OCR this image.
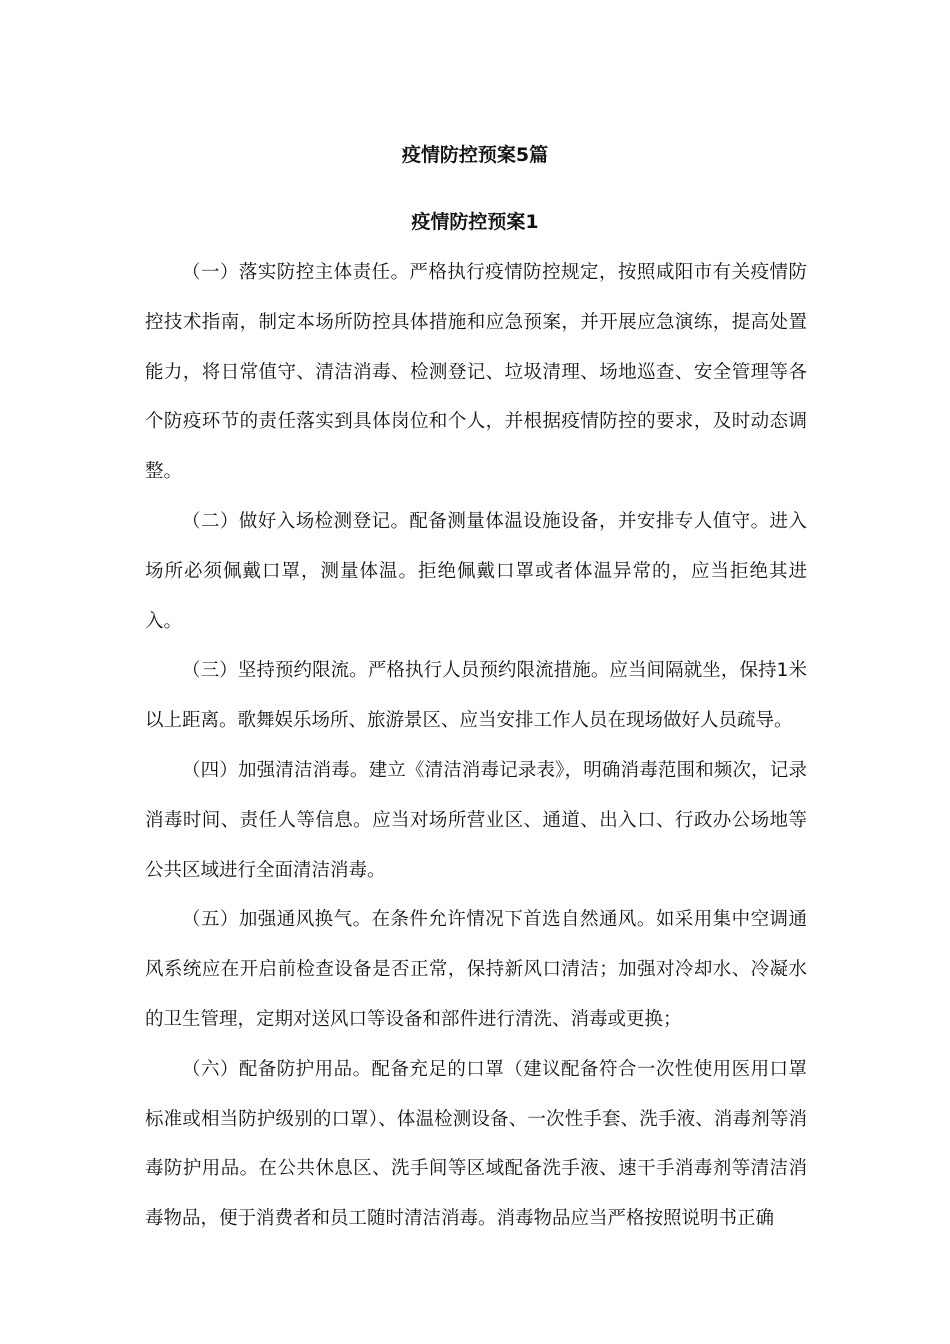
疫情防控预案5篇
疫情防控预案1

（一）落实防控主体责任。严格执行疫情防控规定，按照咸阳市有关疫情防控技术指南，制定本场所防控具体措施和应急预案，并开展应急演练，提高处置能力，将日常值守、清洁消毒、检测登记、垃圾清理、场地巡查、安全管理等各个防疫环节的责任落实到具体岗位和个人，并根据疫情防控的要求，及时动态调整。

（二）做好入场检测登记。配备测量体温设施设备，并安排专人值守。进入场所必须佩戴口罩，测量体温。拒绝佩戴口罩或者体温异常的，应当拒绝其进入。

（三）坚持预约限流。严格执行人员预约限流措施。应当间隔就坐，保持1米以上距离。歌舞娱乐场所、旅游景区、应当安排工作人员在现场做好人员疏导。

（四）加强清洁消毒。建立《清洁消毒记录表》，明确消毒范围和频次，记录消毒时间、责任人等信息。应当对场所营业区、通道、出入口、行政办公场地等公共区域进行全面清洁消毒。

（五）加强通风换气。在条件允许情况下首选自然通风。如采用集中空调通风系统应在开启前检查设备是否正常，保持新风口清洁；加强对冷却水、冷凝水的卫生管理，定期对送风口等设备和部件进行清洗、消毒或更换；

（六）配备防护用品。配备充足的口罩（建议配备符合一次性使用医用口罩标准或相当防护级别的口罩）、体温检测设备、一次性手套、洗手液、消毒剂等消毒防护用品。在公共休息区、洗手间等区域配备洗手液、速干手消毒剂等清洁消毒物品，便于消费者和员工随时清洁消毒。消毒物品应当严格按照说明书正确
